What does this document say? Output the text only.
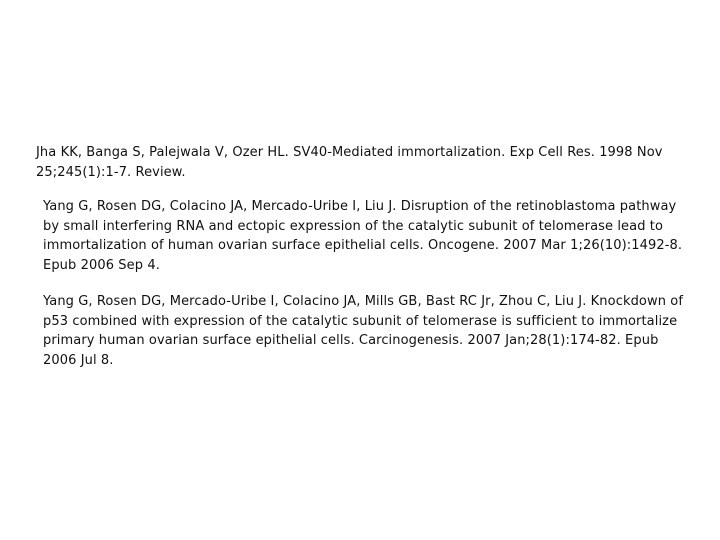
Jha KK, Banga S, Palejwala V, Ozer HL. SV40-Mediated immortalization. Exp Cell Res. 1998 Nov 25;245(1):1-7. Review.

Yang G, Rosen DG, Colacino JA, Mercado-Uribe I, Liu J. Disruption of the retinoblastoma pathway by small interfering RNA and ectopic expression of the catalytic subunit of telomerase lead to immortalization of human ovarian surface epithelial cells. Oncogene. 2007 Mar 1;26(10):1492-8. Epub 2006 Sep 4.

Yang G, Rosen DG, Mercado-Uribe I, Colacino JA, Mills GB, Bast RC Jr, Zhou C, Liu J. Knockdown of p53 combined with expression of the catalytic subunit of telomerase is sufficient to immortalize primary human ovarian surface epithelial cells. Carcinogenesis. 2007 Jan;28(1):174-82. Epub 2006 Jul 8.
